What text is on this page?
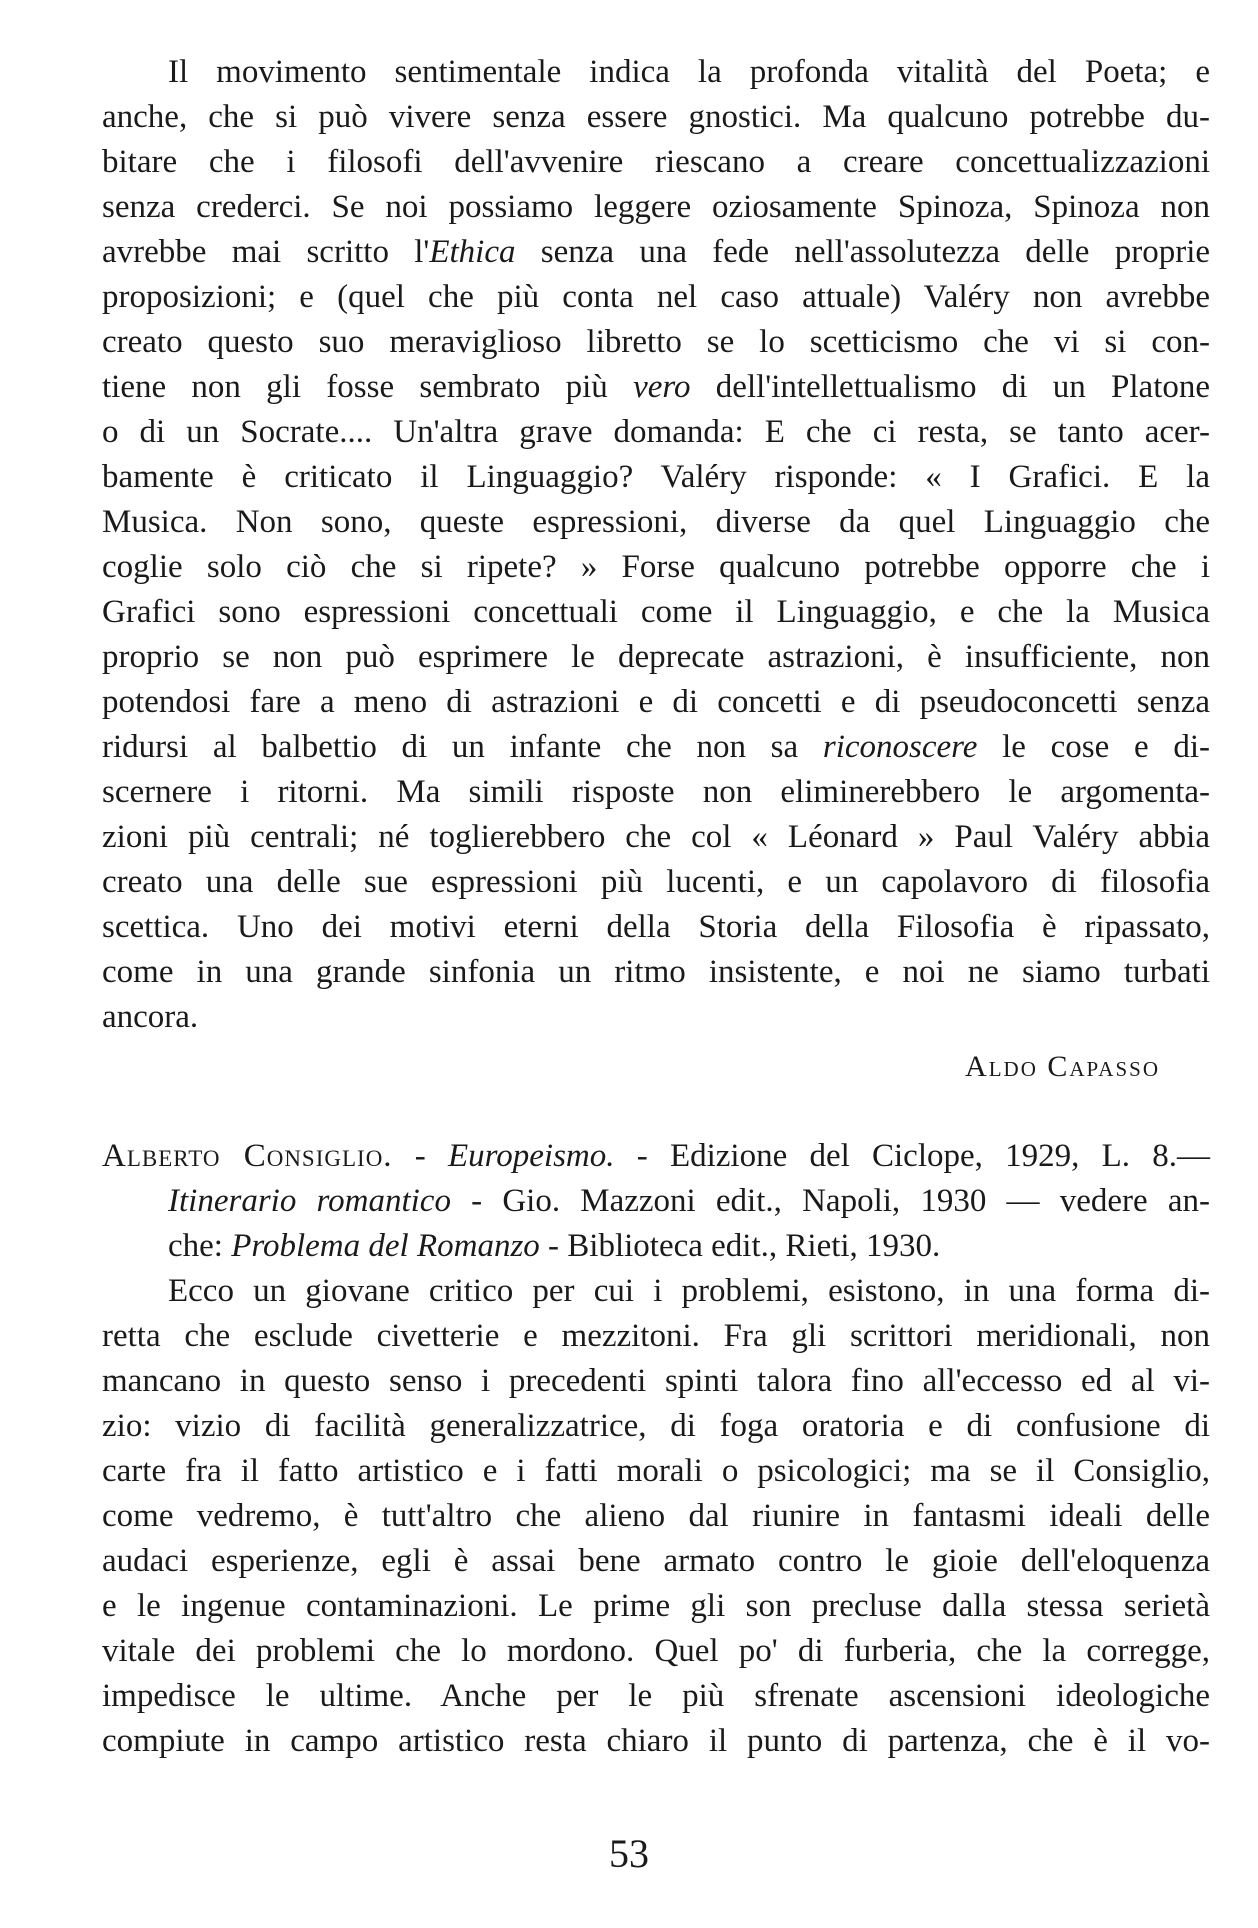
Il movimento sentimentale indica la profonda vitalità del Poeta; e
anche, che si può vivere senza essere gnostici. Ma qualcuno potrebbe du-
bitare che i filosofi dell'avvenire riescano a creare concettualizzazioni
senza crederci. Se noi possiamo leggere oziosamente Spinoza, Spinoza non
avrebbe mai scritto l'Ethica senza una fede nell'assolutezza delle proprie
proposizioni; e (quel che più conta nel caso attuale) Valéry non avrebbe
creato questo suo meraviglioso libretto se lo scetticismo che vi si con-
tiene non gli fosse sembrato più vero dell'intellettualismo di un Platone
o di un Socrate.... Un'altra grave domanda: E che ci resta, se tanto acer-
bamente è criticato il Linguaggio? Valéry risponde: « I Grafici. E la
Musica. Non sono, queste espressioni, diverse da quel Linguaggio che
coglie solo ciò che si ripete? » Forse qualcuno potrebbe opporre che i
Grafici sono espressioni concettuali come il Linguaggio, e che la Musica
proprio se non può esprimere le deprecate astrazioni, è insufficiente, non
potendosi fare a meno di astrazioni e di concetti e di pseudoconcetti senza
ridursi al balbettio di un infante che non sa riconoscere le cose e di-
scernere i ritorni. Ma simili risposte non eliminerebbero le argomenta-
zioni più centrali; né toglierebbero che col « Léonard » Paul Valéry abbia
creato una delle sue espressioni più lucenti, e un capolavoro di filosofia
scettica. Uno dei motivi eterni della Storia della Filosofia è ripassato,
come in una grande sinfonia un ritmo insistente, e noi ne siamo turbati
ancora.
Aldo Capasso
Alberto Consiglio. - Europeismo. - Edizione del Ciclope, 1929, L. 8.—
Itinerario romantico - Gio. Mazzoni edit., Napoli, 1930 — vedere an-
che: Problema del Romanzo - Biblioteca edit., Rieti, 1930.
Ecco un giovane critico per cui i problemi, esistono, in una forma di-
retta che esclude civetterie e mezzitoni. Fra gli scrittori meridionali, non
mancano in questo senso i precedenti spinti talora fino all'eccesso ed al vi-
zio: vizio di facilità generalizzatrice, di foga oratoria e di confusione di
carte fra il fatto artistico e i fatti morali o psicologici; ma se il Consiglio,
come vedremo, è tutt'altro che alieno dal riunire in fantasmi ideali delle
audaci esperienze, egli è assai bene armato contro le gioie dell'eloquenza
e le ingenue contaminazioni. Le prime gli son precluse dalla stessa serietà
vitale dei problemi che lo mordono. Quel po' di furberia, che la corregge,
impedisce le ultime. Anche per le più sfrenate ascensioni ideologiche
compiute in campo artistico resta chiaro il punto di partenza, che è il vo-
53
